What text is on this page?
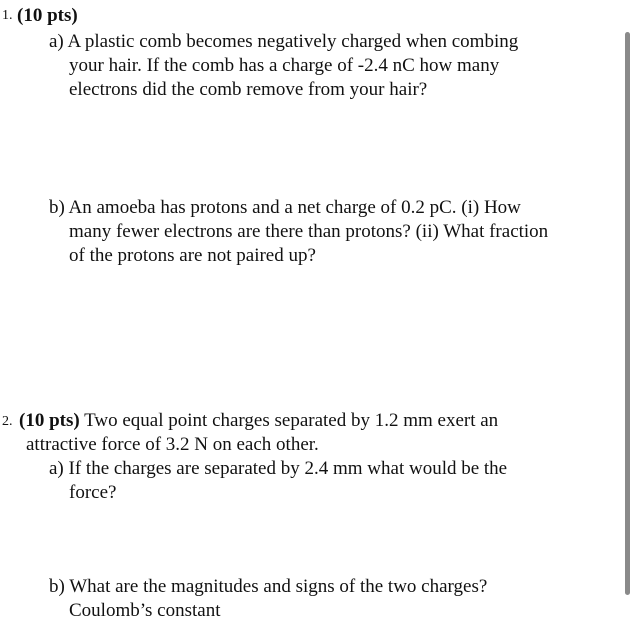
1. (10 pts)
a) A plastic comb becomes negatively charged when combing
your hair. If the comb has a charge of -2.4 nC how many
electrons did the comb remove from your hair?
b) An amoeba has protons and a net charge of 0.2 pC. (i) How
many fewer electrons are there than protons? (ii) What fraction
of the protons are not paired up?
2. (10 pts) Two equal point charges separated by 1.2 mm exert an
attractive force of 3.2 N on each other.
a) If the charges are separated by 2.4 mm what would be the
force?
b) What are the magnitudes and signs of the two charges?
Coulomb’s constant
